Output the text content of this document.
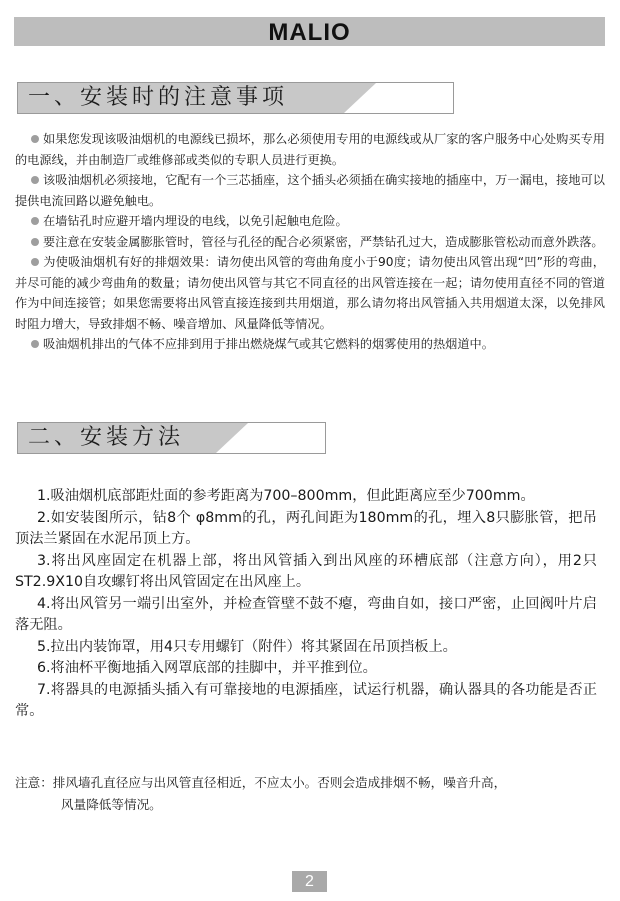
MALIO
一、安装时的注意事项

如果您发现该吸油烟机的电源线已损坏，那么必须使用专用的电源线或从厂家的客户服务中心处购买专用的电源线，并由制造厂或维修部或类似的专职人员进行更换。

该吸油烟机必须接地，它配有一个三芯插座，这个插头必须插在确实接地的插座中，万一漏电，接地可以提供电流回路以避免触电。

在墙钻孔时应避开墙内埋设的电线，以免引起触电危险。

要注意在安装金属膨胀管时，管径与孔径的配合必须紧密，严禁钻孔过大，造成膨胀管松动而意外跌落。

为使吸油烟机有好的排烟效果：请勿使出风管的弯曲角度小于90度；请勿使出风管出现“凹”形的弯曲，并尽可能的减少弯曲角的数量；请勿使出风管与其它不同直径的出风管连接在一起；请勿使用直径不同的管道作为中间连接管；如果您需要将出风管直接连接到共用烟道，那么请勿将出风管插入共用烟道太深，以免排风时阻力增大，导致排烟不畅、噪音增加、风量降低等情况。

吸油烟机排出的气体不应排到用于排出燃烧煤气或其它燃料的烟雾使用的热烟道中。

二、安装方法

1.吸油烟机底部距灶面的参考距离为700–800mm，但此距离应至少700mm。

2.如安装图所示，钻8个 φ8mm的孔，两孔间距为180mm的孔，埋入8只膨胀管，把吊顶法兰紧固在水泥吊顶上方。

3.将出风座固定在机器上部，将出风管插入到出风座的环槽底部（注意方向），用2只ST2.9X10自攻螺钉将出风管固定在出风座上。

4.将出风管另一端引出室外，并检查管壁不鼓不瘪，弯曲自如，接口严密，止回阀叶片启落无阻。

5.拉出内装饰罩，用4只专用螺钉（附件）将其紧固在吊顶挡板上。

6.将油杯平衡地插入网罩底部的挂脚中，并平推到位。

7.将器具的电源插头插入有可靠接地的电源插座，试运行机器，确认器具的各功能是否正常。

注意：排风墙孔直径应与出风管直径相近，不应太小。否则会造成排烟不畅，噪音升高，
风量降低等情况。
2
